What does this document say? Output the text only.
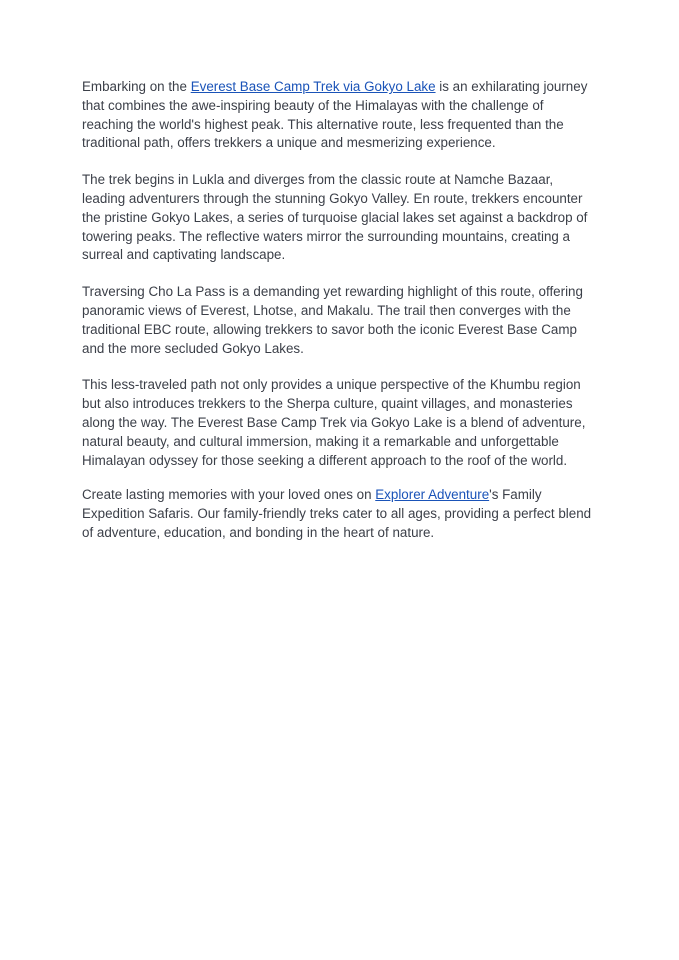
Embarking on the Everest Base Camp Trek via Gokyo Lake is an exhilarating journey that combines the awe-inspiring beauty of the Himalayas with the challenge of reaching the world's highest peak. This alternative route, less frequented than the traditional path, offers trekkers a unique and mesmerizing experience.

The trek begins in Lukla and diverges from the classic route at Namche Bazaar, leading adventurers through the stunning Gokyo Valley. En route, trekkers encounter the pristine Gokyo Lakes, a series of turquoise glacial lakes set against a backdrop of towering peaks. The reflective waters mirror the surrounding mountains, creating a surreal and captivating landscape.

Traversing Cho La Pass is a demanding yet rewarding highlight of this route, offering panoramic views of Everest, Lhotse, and Makalu. The trail then converges with the traditional EBC route, allowing trekkers to savor both the iconic Everest Base Camp and the more secluded Gokyo Lakes.

This less-traveled path not only provides a unique perspective of the Khumbu region but also introduces trekkers to the Sherpa culture, quaint villages, and monasteries along the way. The Everest Base Camp Trek via Gokyo Lake is a blend of adventure, natural beauty, and cultural immersion, making it a remarkable and unforgettable Himalayan odyssey for those seeking a different approach to the roof of the world.

Create lasting memories with your loved ones on Explorer Adventure's Family Expedition Safaris. Our family-friendly treks cater to all ages, providing a perfect blend of adventure, education, and bonding in the heart of nature.
